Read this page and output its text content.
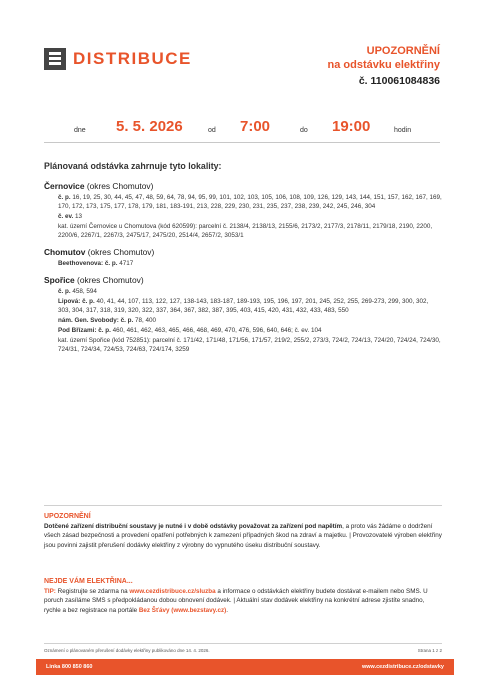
DISTRIBUCE	UPOZORNĚNÍ
na odstávku elektřiny
č. 110061084836
dne 5. 5. 2026	od 7:00	do 19:00	hodin
Plánovaná odstávka zahrnuje tyto lokality:
Černovice (okres Chomutov)
č. p. 16, 19, 25, 30, 44, 45, 47, 48, 59, 64, 78, 94, 95, 99, 101, 102, 103, 105, 106, 108, 109, 126, 129, 143, 144, 151, 157, 162, 167, 169, 170, 172, 173, 175, 177, 178, 179, 181, 183-191, 213, 228, 229, 230, 231, 235, 237, 238, 239, 242, 245, 246, 304
č. ev. 13
kat. území Černovice u Chomutova (kód 620599): parcelní č. 2138/4, 2138/13, 2155/6, 2173/2, 2177/3, 2178/11, 2179/18, 2190, 2200, 2200/6, 2267/1, 2267/3, 2475/17, 2475/20, 2514/4, 2657/2, 3053/1
Chomutov (okres Chomutov)
Beethovenova: č. p. 4717
Spořice (okres Chomutov)
č. p. 458, 594
Lipová: č. p. 40, 41, 44, 107, 113, 122, 127, 138-143, 183-187, 189-193, 195, 196, 197, 201, 245, 252, 255, 269-273, 299, 300, 302, 303, 304, 317, 318, 319, 320, 322, 337, 364, 367, 382, 387, 395, 403, 415, 420, 431, 432, 433, 483, 550
nám. Gen. Svobody: č. p. 78, 400
Pod Břízami: č. p. 460, 461, 462, 463, 465, 466, 468, 469, 470, 476, 596, 640, 646; č. ev. 104
kat. území Spořice (kód 752851): parcelní č. 171/42, 171/48, 171/56, 171/57, 219/2, 255/2, 273/3, 724/2, 724/13, 724/20, 724/24, 724/30, 724/31, 724/34, 724/53, 724/63, 724/174, 3259
UPOZORNĚNÍ
Dotčené zařízení distribuční soustavy je nutné i v době odstávky považovat za zařízení pod napětím, a proto vás žádáme o dodržení všech zásad bezpečnosti a provedení opatření potřebných k zamezení případných škod na zdraví a majetku. | Provozovatelé výroben elektřiny jsou povinni zajistit přerušení dodávky elektřiny z výrobny do vypnutého úseku distribuční soustavy.
NEJDE VÁM ELEKTŘINA...
TIP: Registrujte se zdarma na www.cezdistribuce.cz/sluzba a informace o odstávkách elektřiny budete dostávat e-mailem nebo SMS. U poruch zasíláme SMS s předpokládanou dobou obnovení dodávek. | Aktuální stav dodávek elektřiny na konkrétní adrese zjistíte snadno, rychle a bez registrace na portále Bez Šťávy (www.bezstavy.cz).
Oznámení o plánovaném přerušení dodávky elektřiny publikováno dne 14. 4. 2026.	Strana 1 z 2
Linka 800 850 860	www.cezdistribuce.cz/odstavky
